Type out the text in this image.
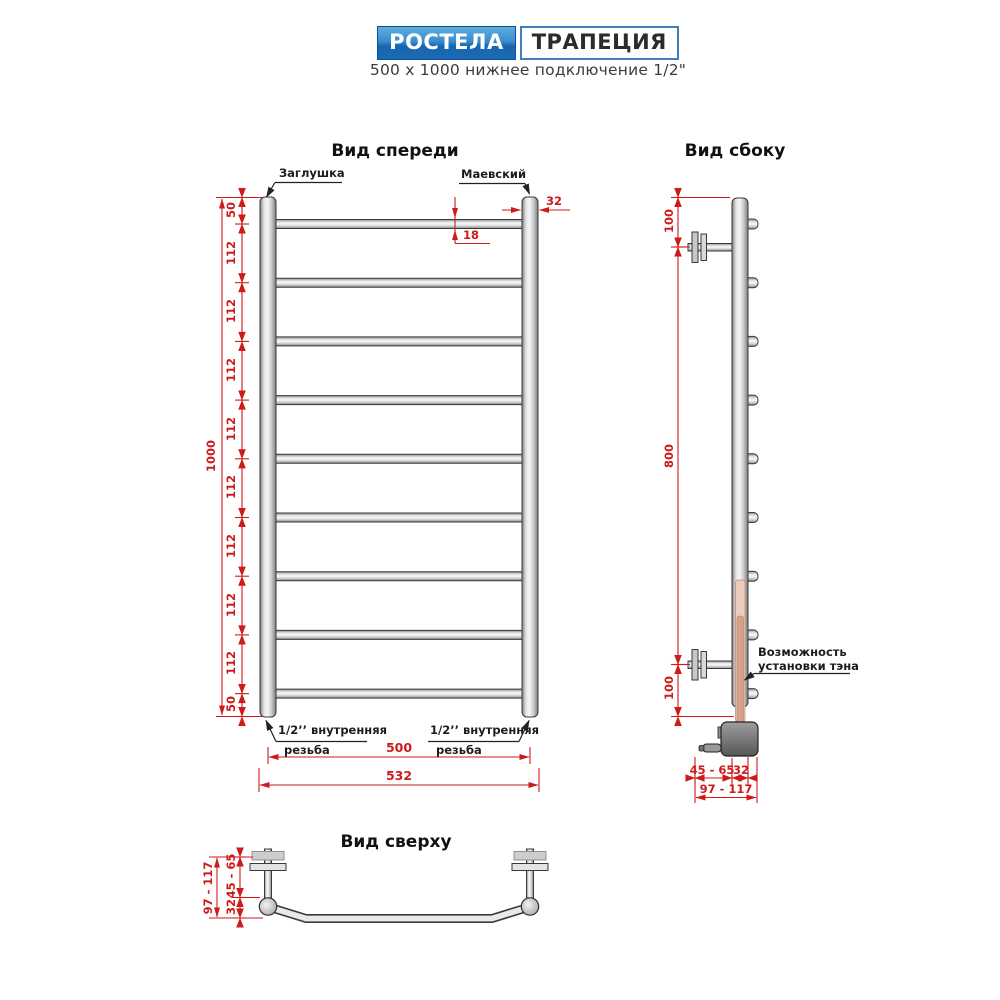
РОСТЕЛА	ТРАПЕЦИЯ
500 x 1000 нижнее подключение 1/2"
Вид спереди
Заглушка	Маевский
32
18
50
112
112
112
112
112
112
112
112
50
1000
1/2’’ внутренняя
резьба
1/2’’ внутренняя
резьба
500
532
Вид сбоку
100
800
100
Возможность
установки тэна
45 - 65
32
97 - 117
Вид сверху
97 - 117 45 - 65
32
